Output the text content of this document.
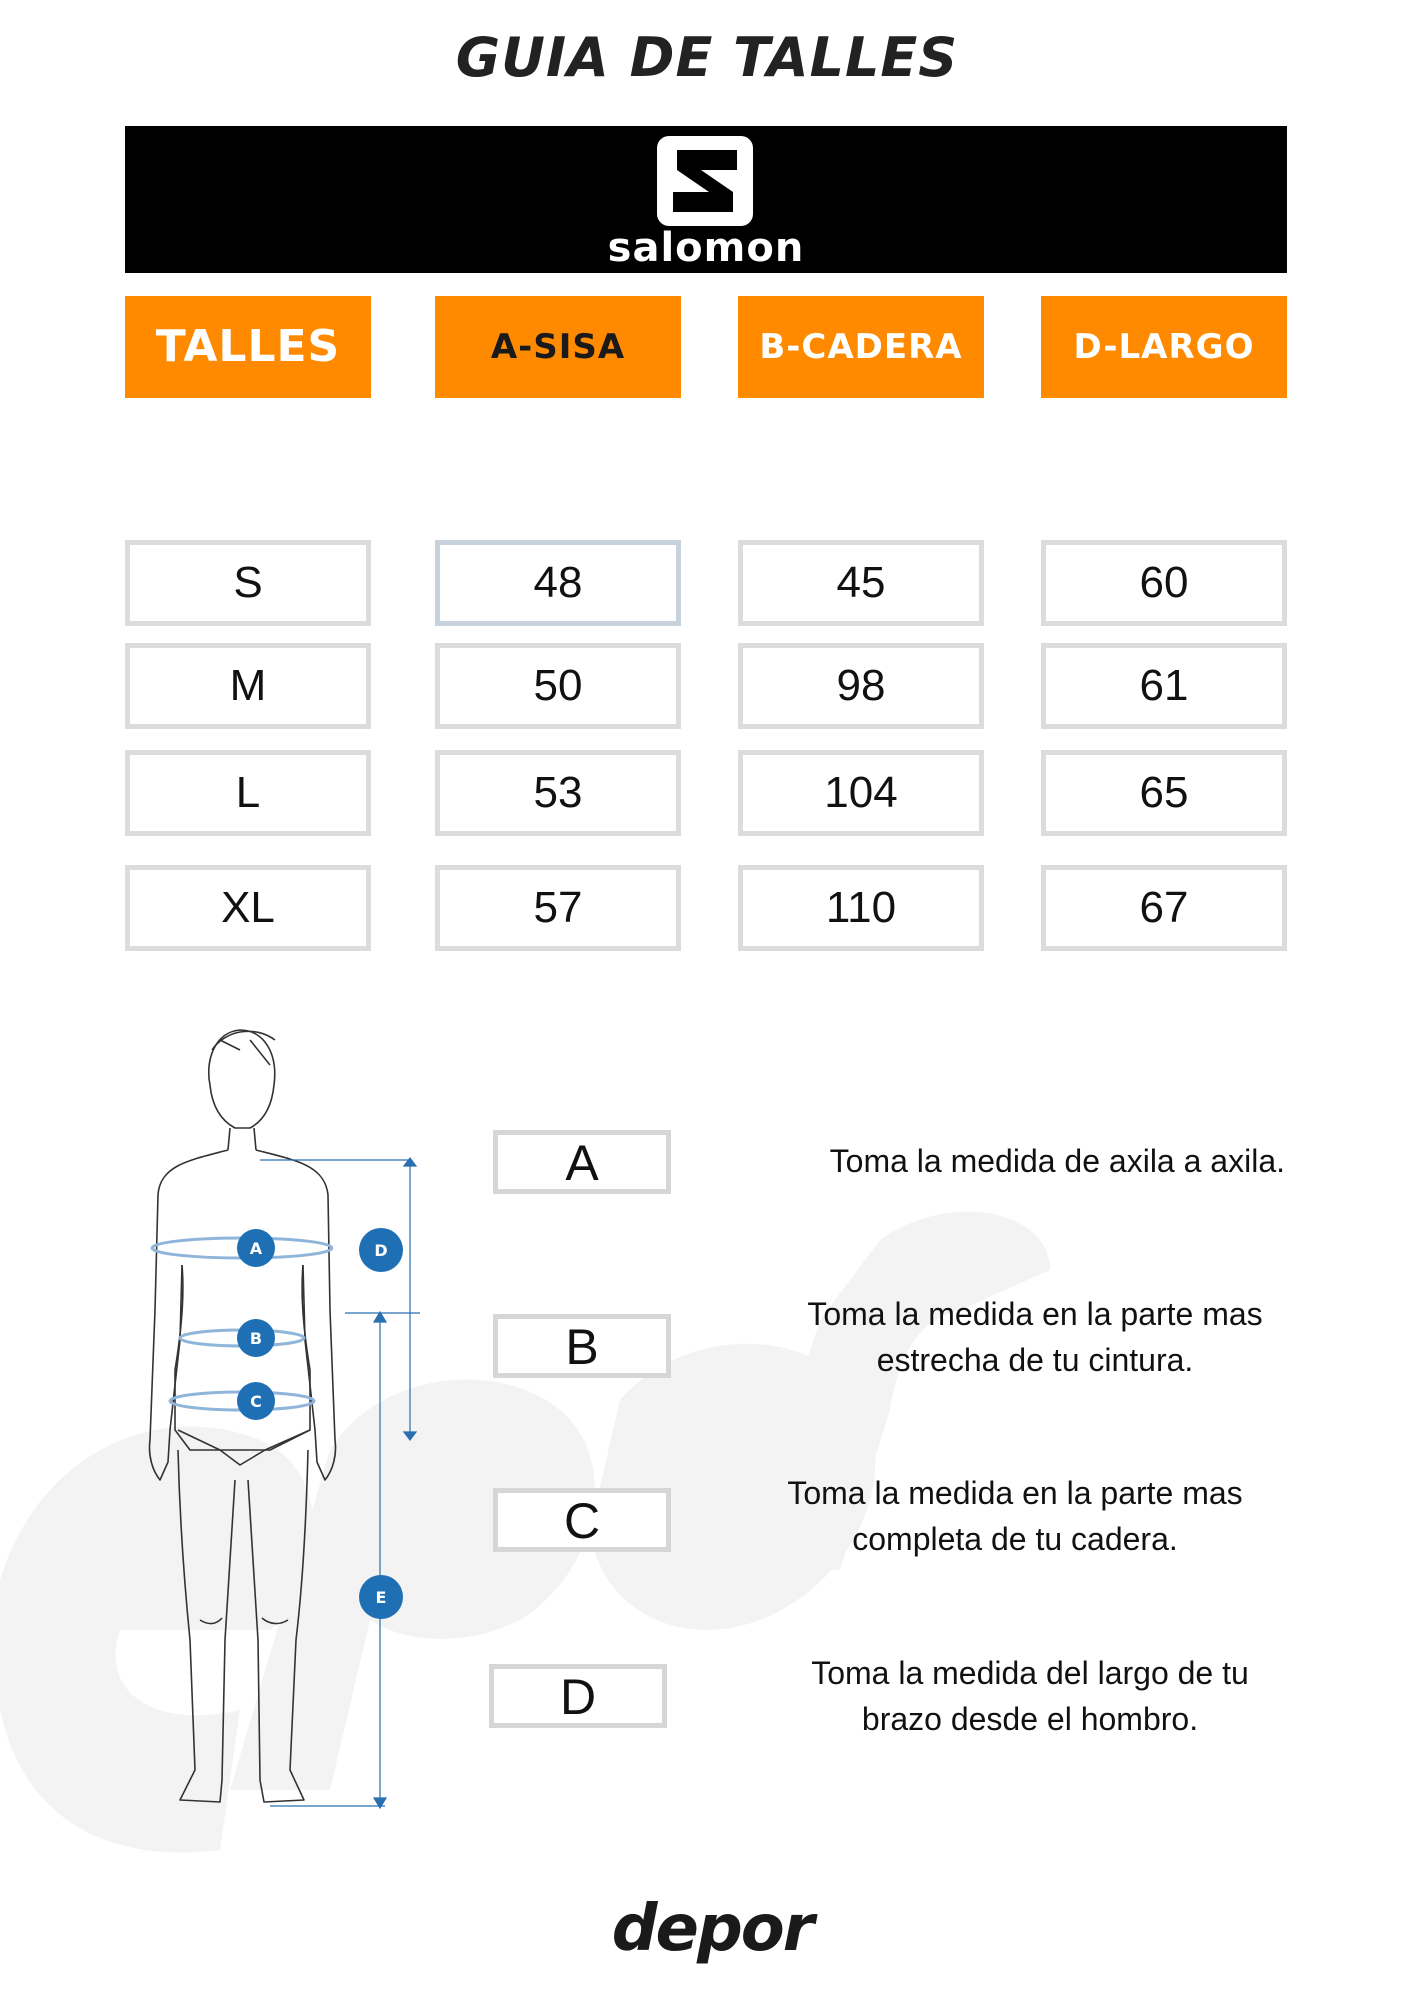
GUIA DE TALLES
salomon
TALLES	A-SISA	B-CADERA	D-LARGO
S	48	45	60
M	50	98	61
L	53	104	65
XL	57	110	67
A
B
C
D
E
A	Toma la medida de axila a axila.
B
Toma la medida en la parte mas
estrecha de tu cintura.
C	Toma la medida en la parte mas
completa de tu cadera.
D	Toma la medida del largo de tu
brazo desde el hombro.
depor
